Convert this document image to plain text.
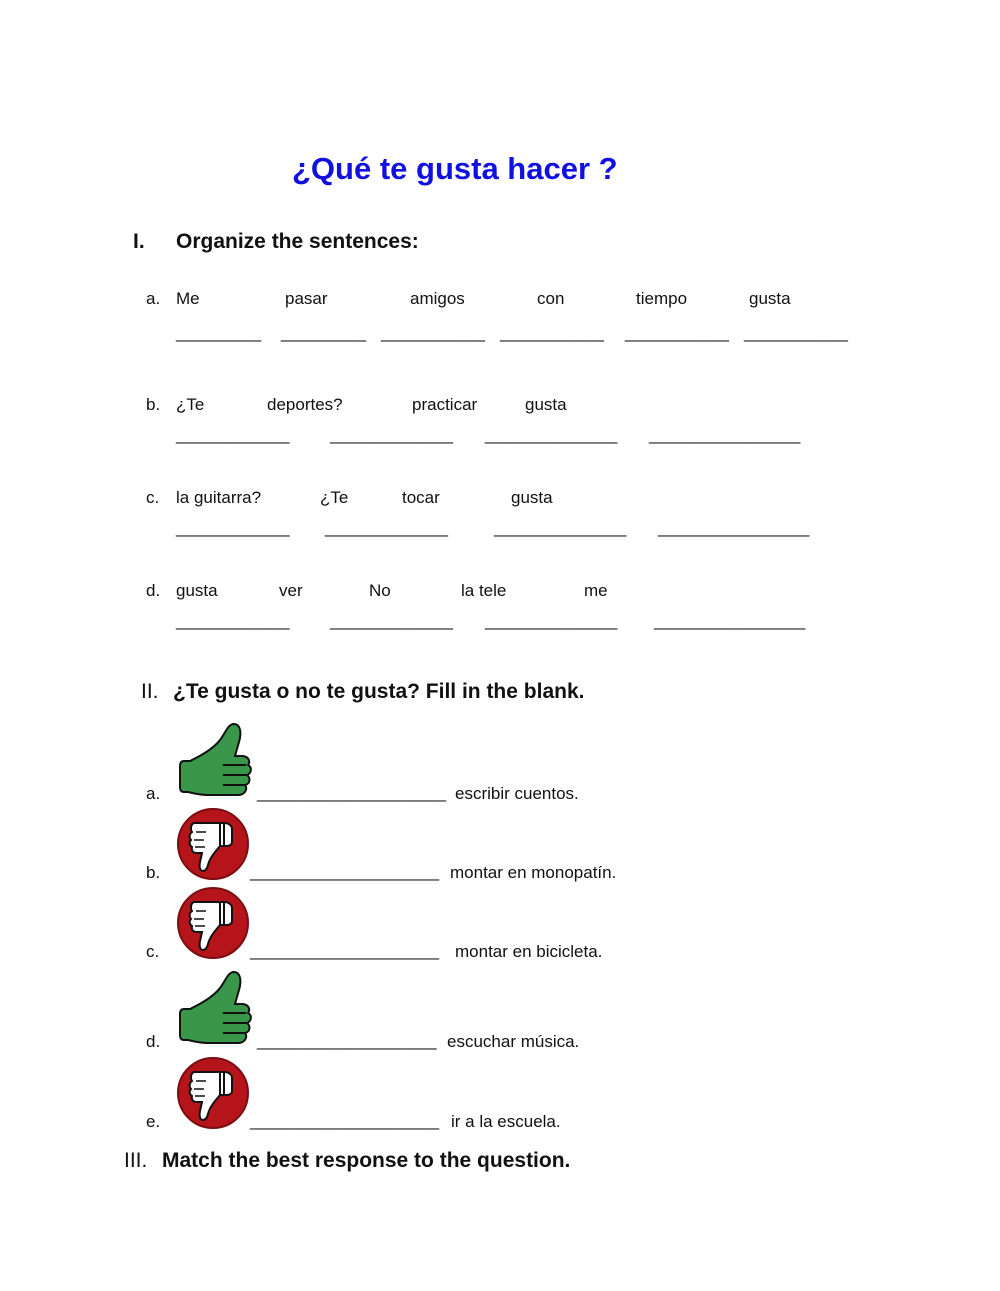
¿Qué te gusta hacer ?
I. Organize the sentences:
a. Me	pasar	amigos	con	tiempo	gusta
_________ _________ ___________ ___________ ___________ ___________
b. ¿Te	deportes?	practicar	gusta
____________ _____________ ______________ ________________
c. la guitarra?	¿Te	tocar	gusta
____________ _____________	______________ ________________
d. gusta	ver	No	la tele	me
____________ _____________ ______________ ________________
II. ¿Te gusta o no te gusta? Fill in the blank.
a.	____________________ escribir cuentos.
b.	____________________ montar en monopatín.
c.	____________________ montar en bicicleta.
d.	___________________ escuchar música.
e.	____________________ ir a la escuela.
III. Match the best response to the question.
